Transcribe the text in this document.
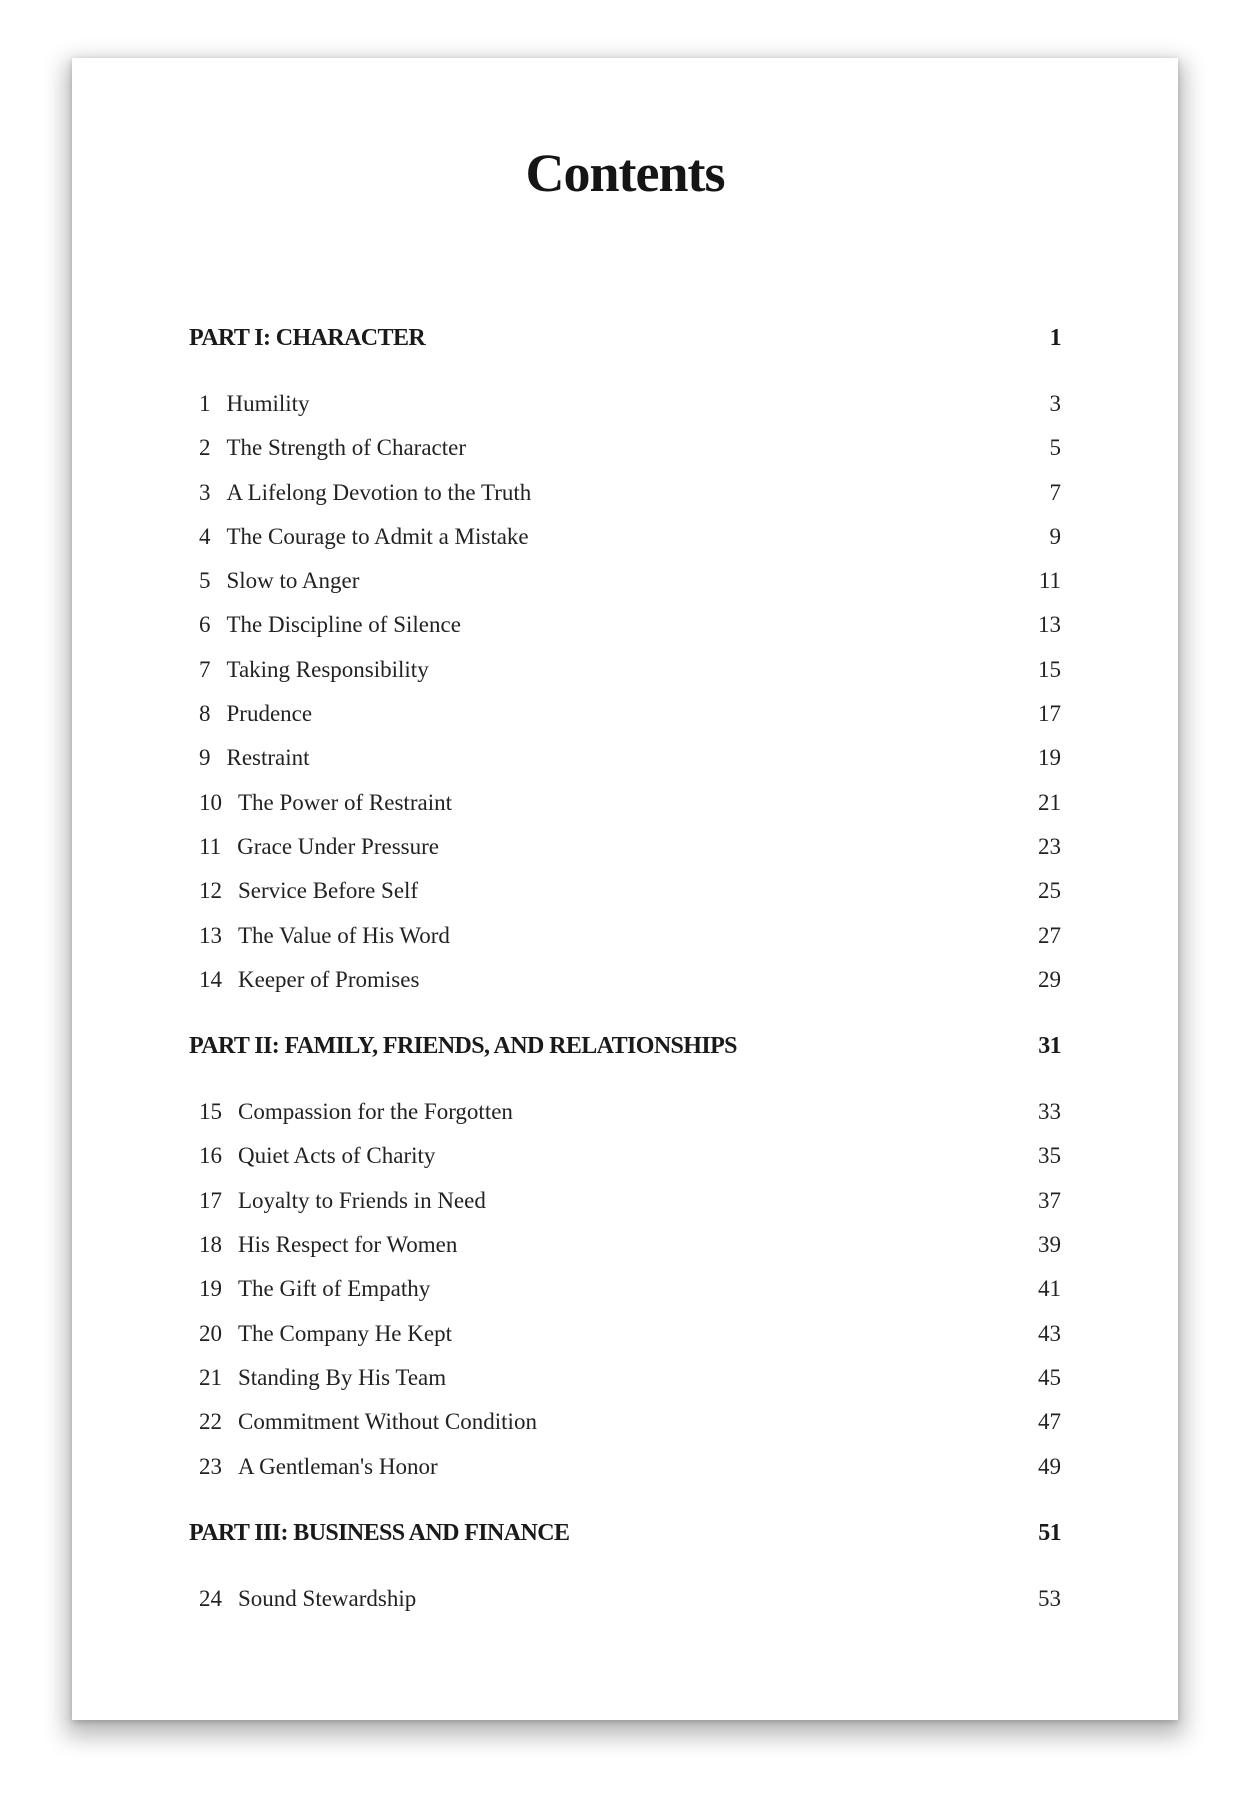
Contents
PART I: CHARACTER	1
1 Humility	3
2 The Strength of Character	5
3 A Lifelong Devotion to the Truth	7
4 The Courage to Admit a Mistake	9
5 Slow to Anger	11
6 The Discipline of Silence	13
7 Taking Responsibility	15
8 Prudence	17
9 Restraint	19
10 The Power of Restraint	21
11 Grace Under Pressure	23
12 Service Before Self	25
13 The Value of His Word	27
14 Keeper of Promises	29
PART II: FAMILY, FRIENDS, AND RELATIONSHIPS	31
15 Compassion for the Forgotten	33
16 Quiet Acts of Charity	35
17 Loyalty to Friends in Need	37
18 His Respect for Women	39
19 The Gift of Empathy	41
20 The Company He Kept	43
21 Standing By His Team	45
22 Commitment Without Condition	47
23 A Gentleman's Honor	49
PART III: BUSINESS AND FINANCE	51
24 Sound Stewardship	53
